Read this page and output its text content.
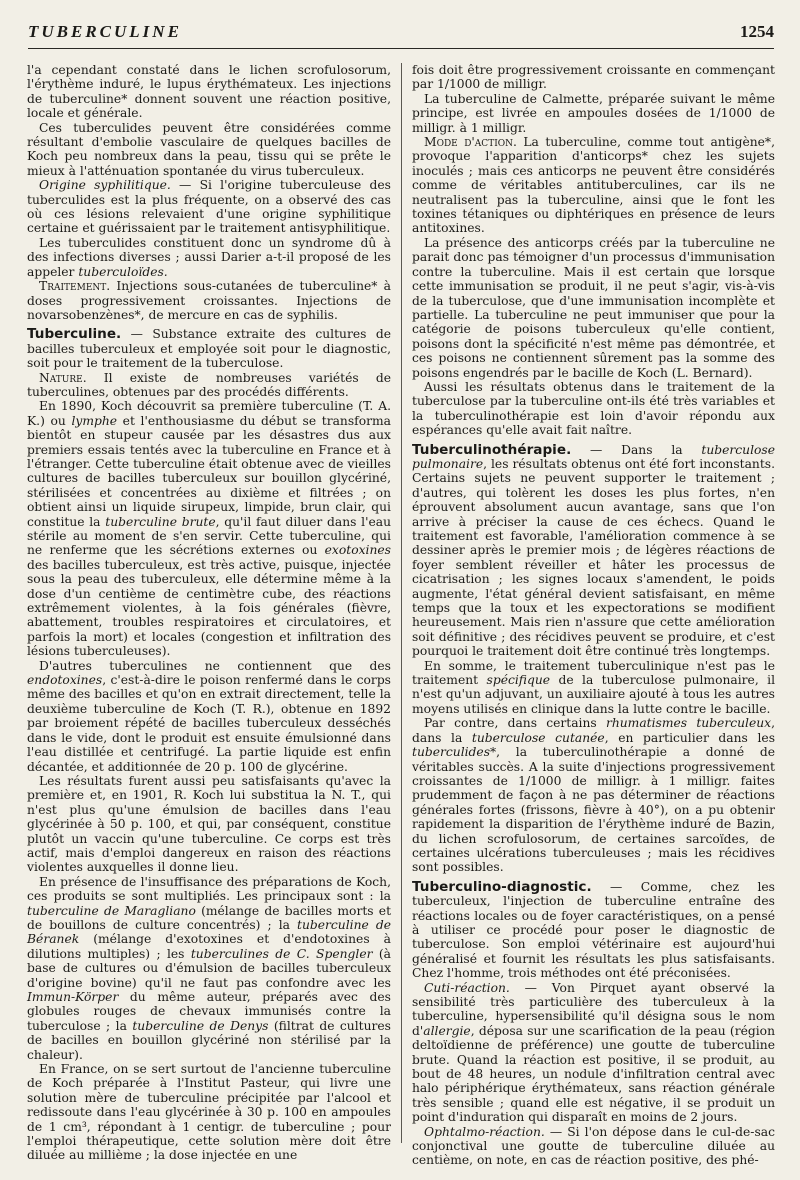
TUBERCULINE	1254

l'a cependant constaté dans le lichen scrofulosorum, l'érythème induré, le lupus érythémateux. Les injections de tuberculine* donnent souvent une réaction positive, locale et générale.

Ces tuberculides peuvent être considérées comme résultant d'embolie vasculaire de quelques bacilles de Koch peu nombreux dans la peau, tissu qui se prête le mieux à l'atténuation spontanée du virus tuberculeux.

Origine syphilitique. — Si l'origine tuberculeuse des tuberculides est la plus fréquente, on a observé des cas où ces lésions relevaient d'une origine syphilitique certaine et guérissaient par le traitement antisyphilitique.

Les tuberculides constituent donc un syndrome dû à des infections diverses ; aussi Darier a-t-il proposé de les appeler tuberculoïdes.

Traitement. Injections sous-cutanées de tuberculine* à doses progressivement croissantes. Injections de novarsobenzènes*, de mercure en cas de syphilis.

Tuberculine. — Substance extraite des cultures de bacilles tuberculeux et employée soit pour le diagnostic, soit pour le traitement de la tuberculose.

Nature. Il existe de nombreuses variétés de tuberculines, obtenues par des procédés différents.

En 1890, Koch découvrit sa première tuberculine (T. A. K.) ou lymphe et l'enthousiasme du début se transforma bientôt en stupeur causée par les désastres dus aux premiers essais tentés avec la tuberculine en France et à l'étranger. Cette tuberculine était obtenue avec de vieilles cultures de bacilles tuberculeux sur bouillon glycériné, stérilisées et concentrées au dixième et filtrées ; on obtient ainsi un liquide sirupeux, limpide, brun clair, qui constitue la tuberculine brute, qu'il faut diluer dans l'eau stérile au moment de s'en servir. Cette tuberculine, qui ne renferme que les sécrétions externes ou exotoxines des bacilles tuberculeux, est très active, puisque, injectée sous la peau des tuberculeux, elle détermine même à la dose d'un centième de centimètre cube, des réactions extrêmement violentes, à la fois générales (fièvre, abattement, troubles respiratoires et circulatoires, et parfois la mort) et locales (congestion et infiltration des lésions tuberculeuses).

D'autres tuberculines ne contiennent que des endotoxines, c'est-à-dire le poison renfermé dans le corps même des bacilles et qu'on en extrait directement, telle la deuxième tuberculine de Koch (T. R.), obtenue en 1892 par broiement répété de bacilles tuberculeux desséchés dans le vide, dont le produit est ensuite émulsionné dans l'eau distillée et centrifugé. La partie liquide est enfin décantée, et additionnée de 20 p. 100 de glycérine.

Les résultats furent aussi peu satisfaisants qu'avec la première et, en 1901, R. Koch lui substitua la N. T., qui n'est plus qu'une émulsion de bacilles dans l'eau glycérinée à 50 p. 100, et qui, par conséquent, constitue plutôt un vaccin qu'une tuberculine. Ce corps est très actif, mais d'emploi dangereux en raison des réactions violentes auxquelles il donne lieu.

En présence de l'insuffisance des préparations de Koch, ces produits se sont multipliés. Les principaux sont : la tuberculine de Maragliano (mélange de bacilles morts et de bouillons de culture concentrés) ; la tuberculine de Béranek (mélange d'exotoxines et d'endotoxines à dilutions multiples) ; les tuberculines de C. Spengler (à base de cultures ou d'émulsion de bacilles tuberculeux d'origine bovine) qu'il ne faut pas confondre avec les Immun-Körper du même auteur, préparés avec des globules rouges de chevaux immunisés contre la tuberculose ; la tuberculine de Denys (filtrat de cultures de bacilles en bouillon glycériné non stérilisé par la chaleur).

En France, on se sert surtout de l'ancienne tuberculine de Koch préparée à l'Institut Pasteur, qui livre une solution mère de tuberculine précipitée par l'alcool et redissoute dans l'eau glycérinée à 30 p. 100 en ampoules de 1 cm³, répondant à 1 centigr. de tuberculine ; pour l'emploi thérapeutique, cette solution mère doit être diluée au millième ; la dose injectée en une

fois doit être progressivement croissante en commençant par 1/1000 de milligr.

La tuberculine de Calmette, préparée suivant le même principe, est livrée en ampoules dosées de 1/1000 de milligr. à 1 milligr.

Mode d'action. La tuberculine, comme tout antigène*, provoque l'apparition d'anticorps* chez les sujets inoculés ; mais ces anticorps ne peuvent être considérés comme de véritables antituberculines, car ils ne neutralisent pas la tuberculine, ainsi que le font les toxines tétaniques ou diphtériques en présence de leurs antitoxines.

La présence des anticorps créés par la tuberculine ne parait donc pas témoigner d'un processus d'immunisation contre la tuberculine. Mais il est certain que lorsque cette immunisation se produit, il ne peut s'agir, vis-à-vis de la tuberculose, que d'une immunisation incomplète et partielle. La tuberculine ne peut immuniser que pour la catégorie de poisons tuberculeux qu'elle contient, poisons dont la spécificité n'est même pas démontrée, et ces poisons ne contiennent sûrement pas la somme des poisons engendrés par le bacille de Koch (L. Bernard).

Aussi les résultats obtenus dans le traitement de la tuberculose par la tuberculine ont-ils été très variables et la tuberculinothérapie est loin d'avoir répondu aux espérances qu'elle avait fait naître.

Tuberculinothérapie. — Dans la tuberculose pulmonaire, les résultats obtenus ont été fort inconstants. Certains sujets ne peuvent supporter le traitement ; d'autres, qui tolèrent les doses les plus fortes, n'en éprouvent absolument aucun avantage, sans que l'on arrive à préciser la cause de ces échecs. Quand le traitement est favorable, l'amélioration commence à se dessiner après le premier mois ; de légères réactions de foyer semblent réveiller et hâter les processus de cicatrisation ; les signes locaux s'amendent, le poids augmente, l'état général devient satisfaisant, en même temps que la toux et les expectorations se modifient heureusement. Mais rien n'assure que cette amélioration soit définitive ; des récidives peuvent se produire, et c'est pourquoi le traitement doit être continué très longtemps.

En somme, le traitement tuberculinique n'est pas le traitement spécifique de la tuberculose pulmonaire, il n'est qu'un adjuvant, un auxiliaire ajouté à tous les autres moyens utilisés en clinique dans la lutte contre le bacille.

Par contre, dans certains rhumatismes tuberculeux, dans la tuberculose cutanée, en particulier dans les tuberculides*, la tuberculinothérapie a donné de véritables succès. A la suite d'injections progressivement croissantes de 1/1000 de milligr. à 1 milligr. faites prudemment de façon à ne pas déterminer de réactions générales fortes (frissons, fièvre à 40°), on a pu obtenir rapidement la disparition de l'érythème induré de Bazin, du lichen scrofulosorum, de certaines sarcoïdes, de certaines ulcérations tuberculeuses ; mais les récidives sont possibles.

Tuberculino-diagnostic. — Comme, chez les tuberculeux, l'injection de tuberculine entraîne des réactions locales ou de foyer caractéristiques, on a pensé à utiliser ce procédé pour poser le diagnostic de tuberculose. Son emploi vétérinaire est aujourd'hui généralisé et fournit les résultats les plus satisfaisants. Chez l'homme, trois méthodes ont été préconisées.

Cuti-réaction. — Von Pirquet ayant observé la sensibilité très particulière des tuberculeux à la tuberculine, hypersensibilité qu'il désigna sous le nom d'allergie, déposa sur une scarification de la peau (région deltoïdienne de préférence) une goutte de tuberculine brute. Quand la réaction est positive, il se produit, au bout de 48 heures, un nodule d'infiltration central avec halo périphérique érythémateux, sans réaction générale très sensible ; quand elle est négative, il se produit un point d'induration qui disparaît en moins de 2 jours.

Ophtalmo-réaction. — Si l'on dépose dans le cul-de-sac conjonctival une goutte de tuberculine diluée au centième, on note, en cas de réaction positive, des phé-
